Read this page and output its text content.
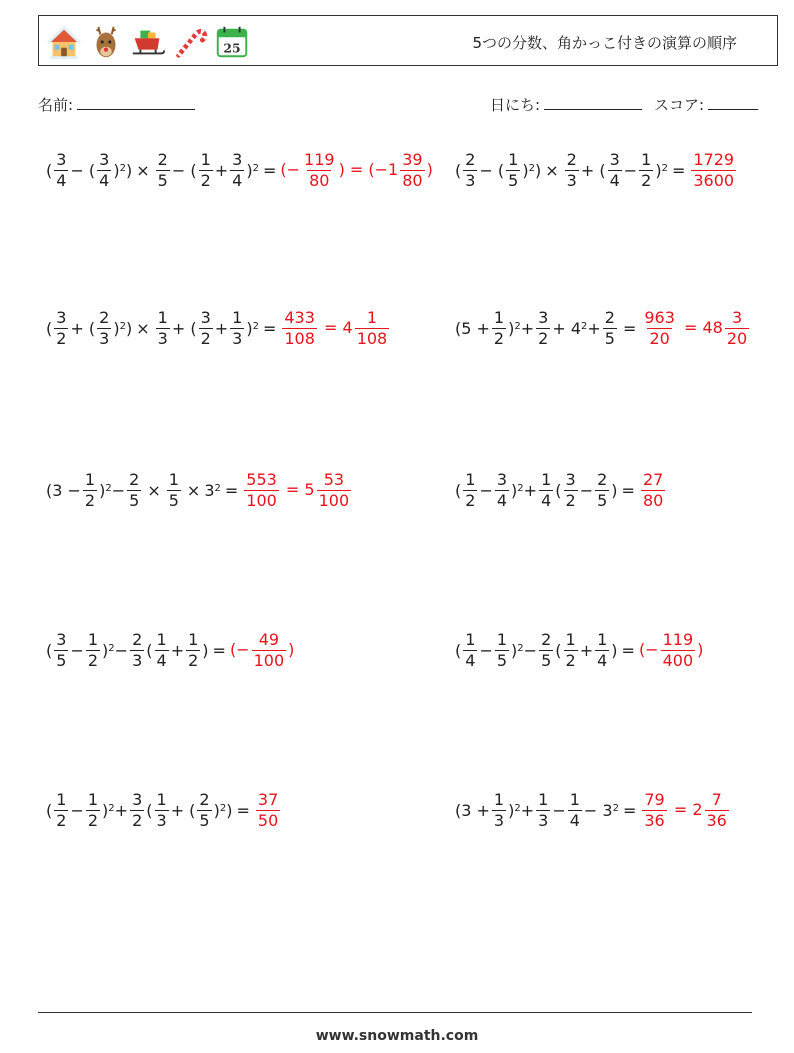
25	5つの分数、角かっこ付きの演算の順序
名前:	日にち:	スコア:
( $\frac{3}{4}$ − ( $\frac{3}{4} )^2$ ) × $\frac{2}{5}$ − ( $\frac{1}{2} + \frac{3}{4} )^2$ = (− $\frac{119}{80}$ ) = ($-1 \frac{39}{80}$ ) ( $\frac{2}{3}$ − ( $\frac{1}{5} )^2$ ) × $\frac{2}{3}$ + ( $\frac{3}{4} - \frac{1}{2} )^2 = \frac{1729}{3600}$
( $\frac{3}{2}$ + ( $\frac{2}{3} )^2$ ) × $\frac{1}{3}$ + ( $\frac{3}{2} + \frac{1}{3} )^2 = \frac{433}{108} = 4 \frac{1}{108}$	$(5 + \frac{1}{2} )^2 + \frac{3}{2} + 4^2 + \frac{2}{5} = \frac{963}{20} = 48 \frac{3}{20}$
$(3 - \frac{1}{2} )^2 - \frac{2}{5} \times \frac{1}{5} \times 3^2 = \frac{553}{100} = 5 \frac{53}{100}$	( $\frac{1}{2} - \frac{3}{4} )^2 + \frac{1}{4}$ ( $\frac{3}{2} - \frac{2}{5}$ ) = $\frac{27}{80}$
( $\frac{3}{5} - \frac{1}{2} )^2 - \frac{2}{3}$ ( $\frac{1}{4} + \frac{1}{2}$ ) = (− $\frac{49}{100}$ )	( $\frac{1}{4} - \frac{1}{5} )^2 - \frac{2}{5}$ ( $\frac{1}{2} + \frac{1}{4}$ ) = (− $\frac{119}{400}$ )
( $\frac{1}{2} - \frac{1}{2} )^2 + \frac{3}{2}$ ( $\frac{1}{3}$ + ( $\frac{2}{5} )^2$ ) = $\frac{37}{50}$	$(3 + \frac{1}{3} )^2 + \frac{1}{3} - \frac{1}{4} - 3^2 = \frac{79}{36} = 2 \frac{7}{36}$
www.snowmath.com
